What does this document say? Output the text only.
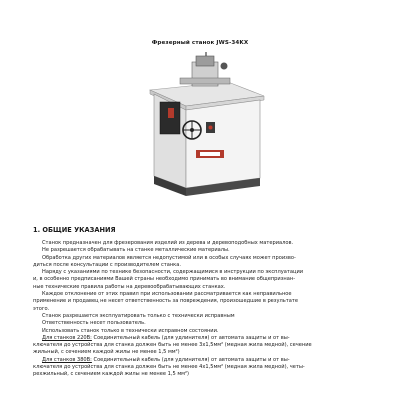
Фрезерный станок JWS-34KX
1. ОБЩИЕ УКАЗАНИЯ
Станок предназначен для фрезерования изделий из дерева и деревоподобных материалов.
Не разрешается обрабатывать на станке металлические материалы.
Обработка других материалов является недопустимой или в особых случаях может произво-
диться после консультации с производителем станка.
Наряду с указаниями по технике безопасности, содержащимися в инструкции по эксплуатации
и, в особенно предписаниями Вашей страны необходимо принимать во внимание общепризнан-
ные технические правила работы на деревообрабатывающих станках.
Каждое отклонение от этих правил при использовании рассматривается как неправильное
применение и продавец не несет ответственность за повреждения, произошедшие в результате
этого.
Станок разрешается эксплуатировать только с технически исправным
Ответственность несет пользователь.
Использовать станок только в технически исправном состоянии.
Для станков 220В: Соединительный кабель (для удлинителя) от автомата защиты и от вы-
ключателя до устройства для станка должен быть не менее 3х1,5мм² (медная жила медной), сечение
жильный, с сечением каждой жилы не менее 1,5 мм²)
Для станков 380В: Соединительный кабель (для удлинителя) от автомата защиты и от вы-
ключателя до устройства для станка должен быть не менее 4х1,5мм² (медная жила медной), четы-
рехжильный, с сечением каждой жилы не менее 1,5 мм²)
